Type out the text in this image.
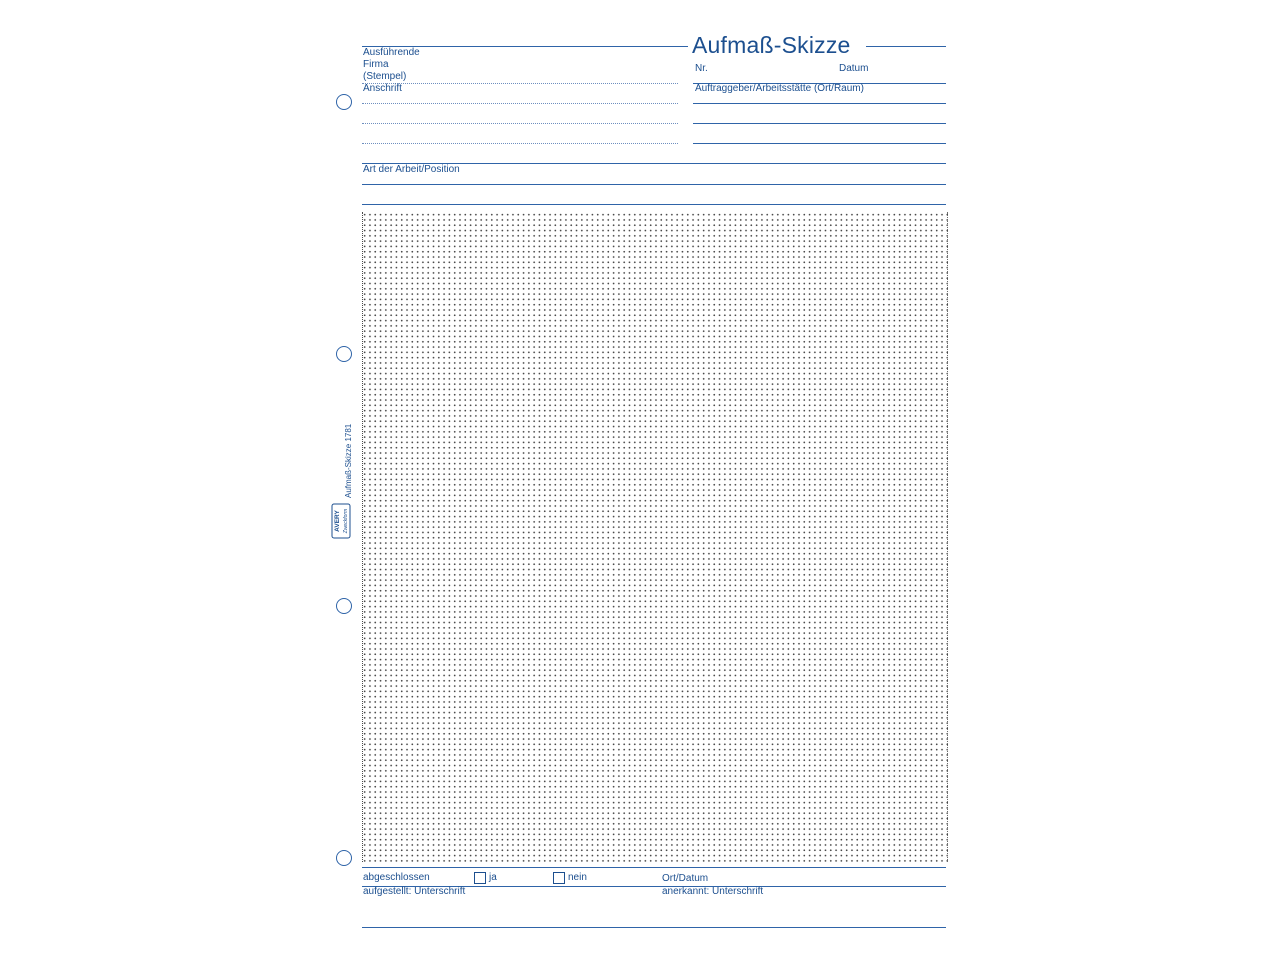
Aufmaß-Skizze
Ausführende
Firma
(Stempel)
Anschrift
Nr.	Datum
Auftraggeber/Arbeitsstätte (Ort/Raum)
Art der Arbeit/Position
Aufmaß-Skizze 1781
AVERY Zweckform
abgeschlossen	ja	nein	Ort/Datum
aufgestellt: Unterschrift	anerkannt: Unterschrift
